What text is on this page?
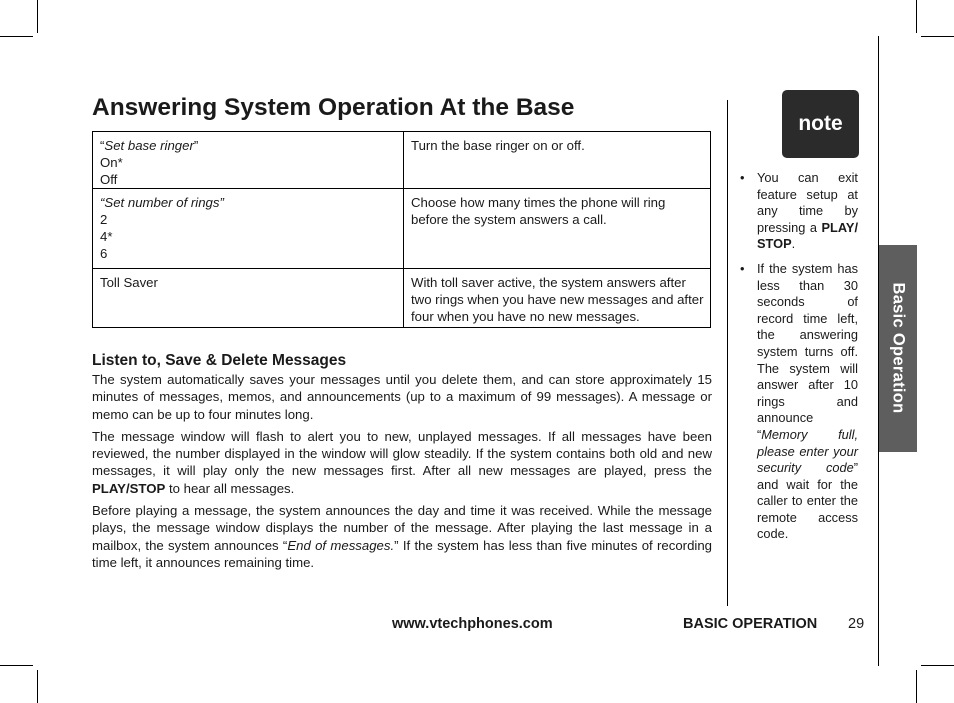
Answering System Operation At the Base
“Set base ringer”
On*
Off	Turn the base ringer on or off.

“Set number of rings”
2
4*
6	Choose how many times the phone will ring before the system answers a call.
Toll Saver	With toll saver active, the system answers after two rings when you have new messages and after four when you have no new messages.
Listen to, Save & Delete Messages

The system automatically saves your messages until you delete them, and can store approximately 15 minutes of messages, memos, and announcements (up to a maximum of 99 messages). A message or memo can be up to four minutes long.

The message window will flash to alert you to new, unplayed messages. If all messages have been reviewed, the number displayed in the window will glow steadily. If the system contains both old and new messages, it will play only the new messages first. After all new messages are played, press the PLAY/STOP to hear all messages.

Before playing a message, the system announces the day and time it was received. While the message plays, the message window displays the number of the message. After playing the last message in a mailbox, the system announces “End of messages.” If the system has less than five minutes of recording time left, it announces remaining time.

note
• You can exit feature setup at any time by pressing a PLAY/ STOP.
• If the system has less than 30 seconds of record time left, the answering system turns off. The system will answer after 10 rings and announce “Memory full, please enter your security code” and wait for the caller to enter the remote access code.
Basic Operation
www.vtechphones.com	BASIC OPERATION 29
